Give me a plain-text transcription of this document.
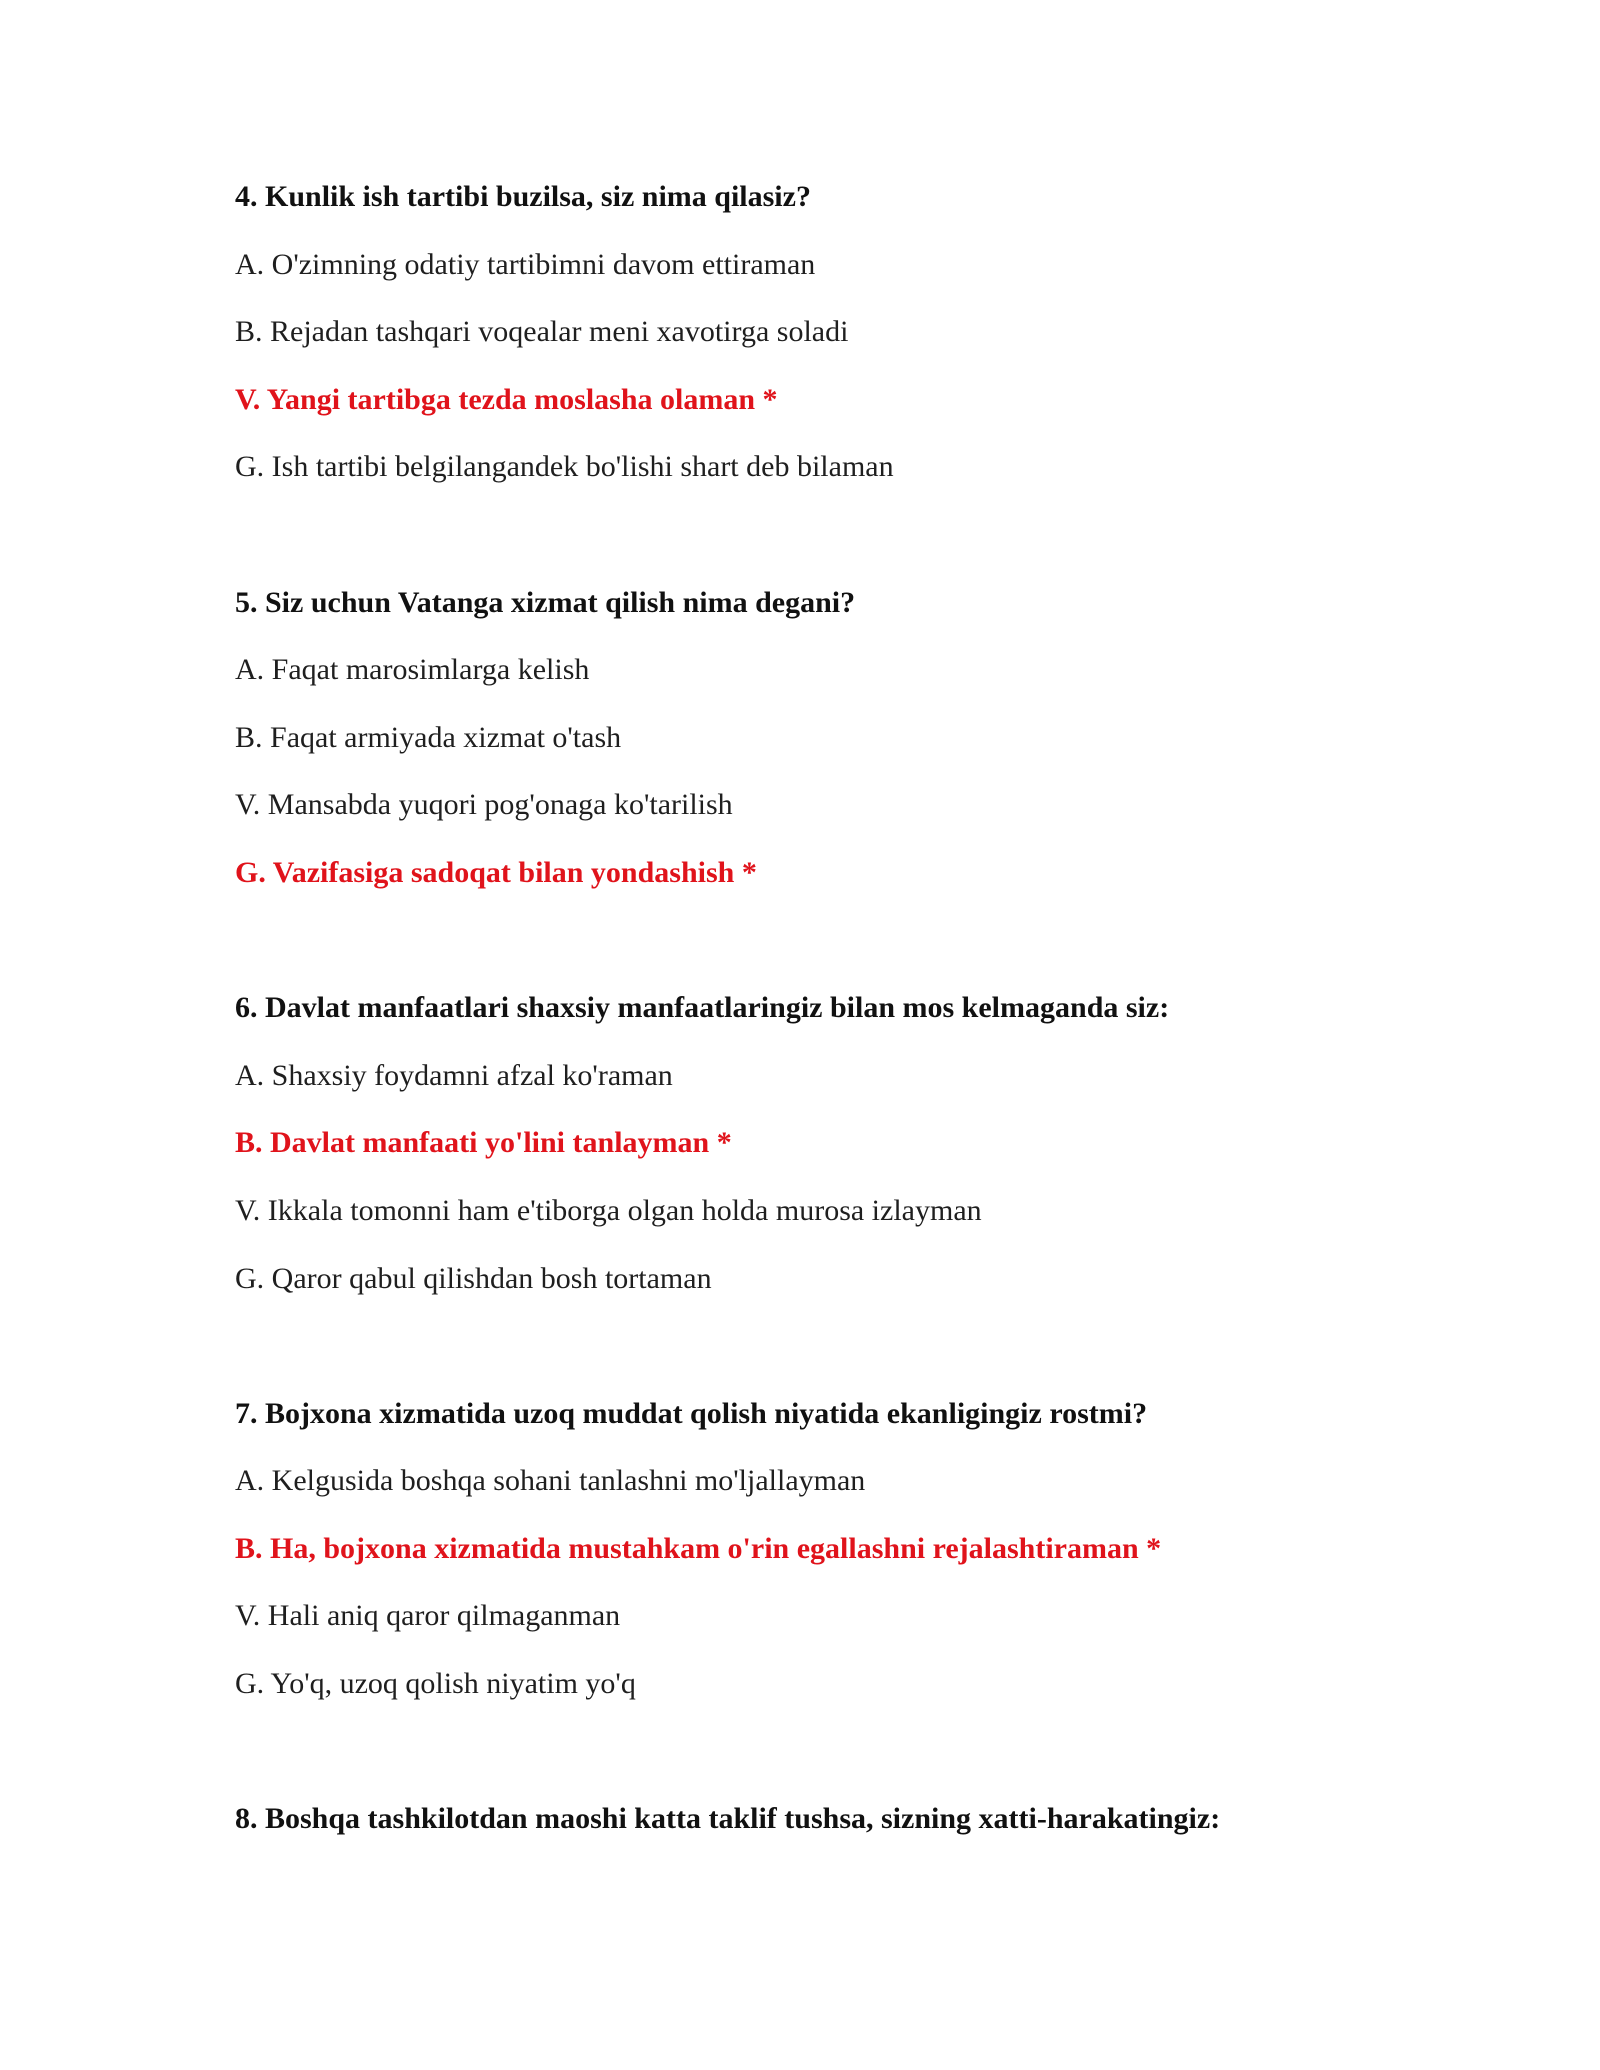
4. Kunlik ish tartibi buzilsa, siz nima qilasiz?
A. O'zimning odatiy tartibimni davom ettiraman
B. Rejadan tashqari voqealar meni xavotirga soladi
V. Yangi tartibga tezda moslasha olaman *
G. Ish tartibi belgilangandek bo'lishi shart deb bilaman
5. Siz uchun Vatanga xizmat qilish nima degani?
A. Faqat marosimlarga kelish
B. Faqat armiyada xizmat o'tash
V. Mansabda yuqori pog'onaga ko'tarilish
G. Vazifasiga sadoqat bilan yondashish *
6. Davlat manfaatlari shaxsiy manfaatlaringiz bilan mos kelmaganda siz:
A. Shaxsiy foydamni afzal ko'raman
B. Davlat manfaati yo'lini tanlayman *
V. Ikkala tomonni ham e'tiborga olgan holda murosa izlayman
G. Qaror qabul qilishdan bosh tortaman
7. Bojxona xizmatida uzoq muddat qolish niyatida ekanligingiz rostmi?
A. Kelgusida boshqa sohani tanlashni mo'ljallayman
B. Ha, bojxona xizmatida mustahkam o'rin egallashni rejalashtiraman *
V. Hali aniq qaror qilmaganman
G. Yo'q, uzoq qolish niyatim yo'q
8. Boshqa tashkilotdan maoshi katta taklif tushsa, sizning xatti-harakatingiz:
